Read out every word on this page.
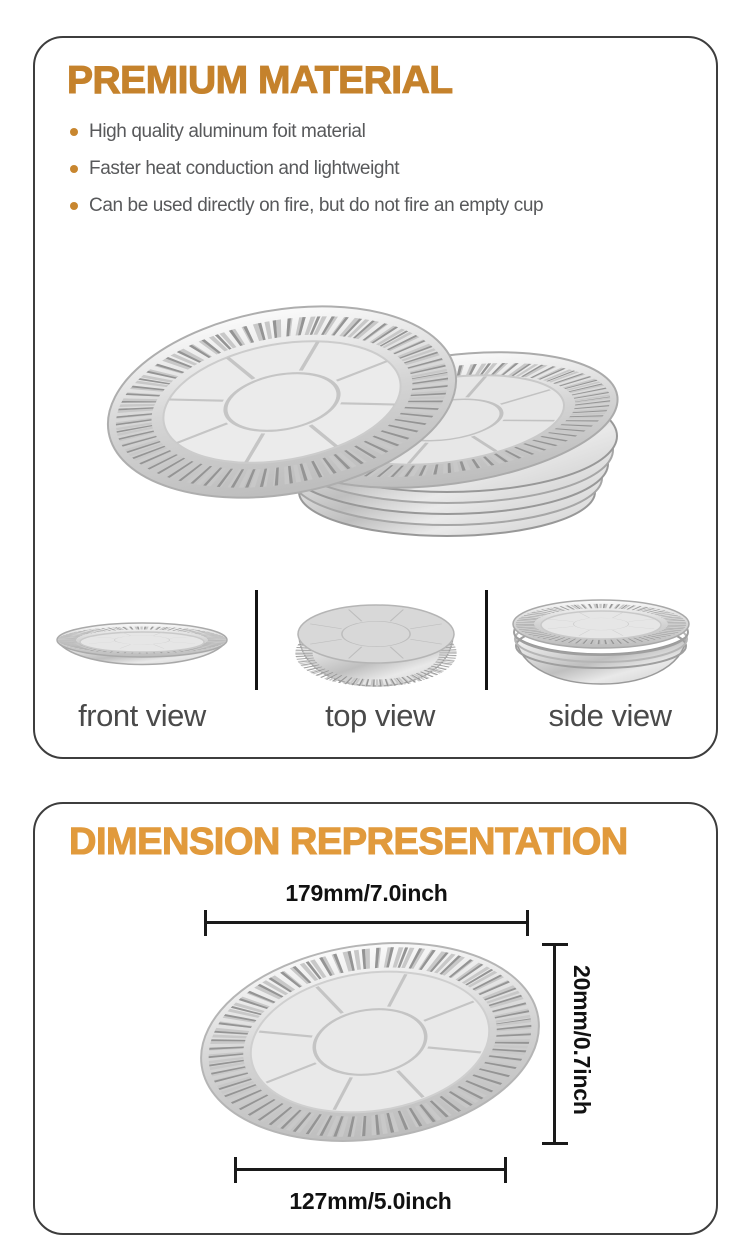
PREMIUM MATERIAL
High quality aluminum foit material
Faster heat conduction and lightweight
Can be used directly on fire, but do not fire an empty cup
front view	top view	side view
DIMENSION REPRESENTATION
179mm/7.0inch
20mm/0.7inch
127mm/5.0inch
